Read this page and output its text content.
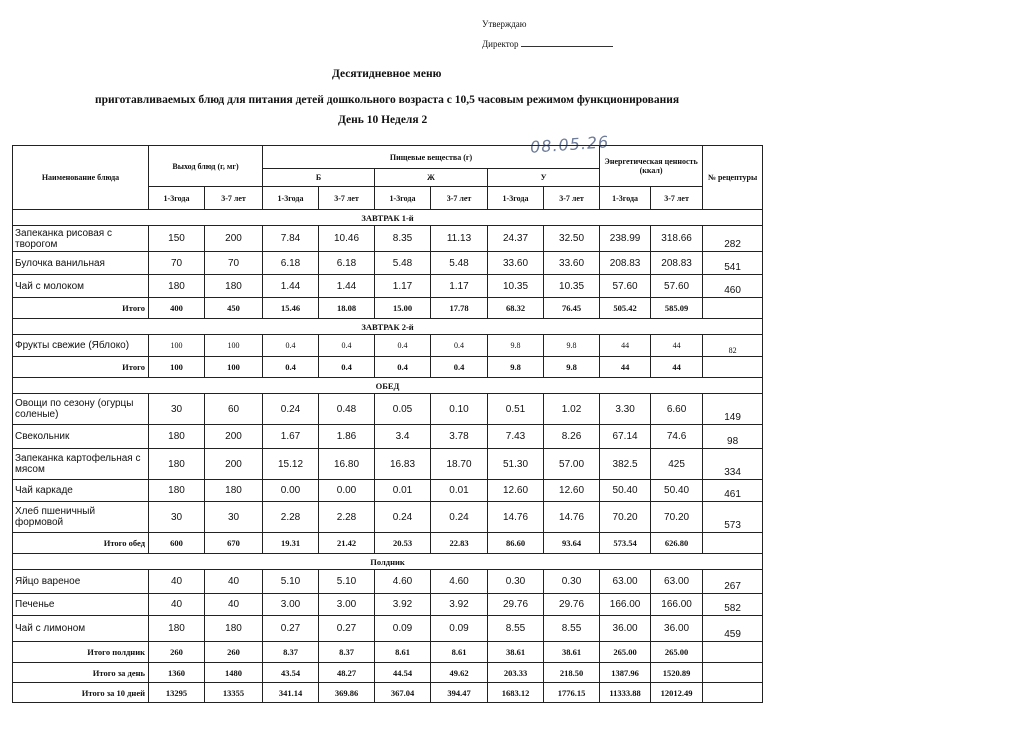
Утверждаю
Директор
Десятидневное меню
приготавливаемых блюд для питания детей дошкольного возраста с 10,5 часовым режимом функционирования
День 10 Неделя 2
08.05.26
Наименование блюда	Выход блюд (г, мг)		Пищевые вещества (г)						Энергетическая ценность (ккал)		№ рецептуры
			Б		Ж		У				
	1-3года	3-7 лет	1-3года	3-7 лет	1-3года	3-7 лет	1-3года	3-7 лет	1-3года	3-7 лет	
ЗАВТРАК 1-й											
Запеканка рисовая с творогом	150	200	7.84	10.46	8.35	11.13	24.37	32.50	238.99	318.66	282
Булочка ванильная	70	70	6.18	6.18	5.48	5.48	33.60	33.60	208.83	208.83	541
Чай с молоком	180	180	1.44	1.44	1.17	1.17	10.35	10.35	57.60	57.60	460
Итого	400	450	15.46	18.08	15.00	17.78	68.32	76.45	505.42	585.09	
ЗАВТРАК 2-й											
Фрукты свежие (Яблоко)	100	100	0.4	0.4	0.4	0.4	9.8	9.8	44	44	82
Итого	100	100	0.4	0.4	0.4	0.4	9.8	9.8	44	44	
ОБЕД											
Овощи по сезону (огурцы соленые)	30	60	0.24	0.48	0.05	0.10	0.51	1.02	3.30	6.60	149
Свекольник	180	200	1.67	1.86	3.4	3.78	7.43	8.26	67.14	74.6	98
Запеканка картофельная с мясом	180	200	15.12	16.80	16.83	18.70	51.30	57.00	382.5	425	334
Чай каркаде	180	180	0.00	0.00	0.01	0.01	12.60	12.60	50.40	50.40	461
Хлеб пшеничный формовой	30	30	2.28	2.28	0.24	0.24	14.76	14.76	70.20	70.20	573
Итого обед	600	670	19.31	21.42	20.53	22.83	86.60	93.64	573.54	626.80	
Полдник											
Яйцо вареное	40	40	5.10	5.10	4.60	4.60	0.30	0.30	63.00	63.00	267
Печенье	40	40	3.00	3.00	3.92	3.92	29.76	29.76	166.00	166.00	582
Чай с лимоном	180	180	0.27	0.27	0.09	0.09	8.55	8.55	36.00	36.00	459
Итого полдник	260	260	8.37	8.37	8.61	8.61	38.61	38.61	265.00	265.00	
Итого за день	1360	1480	43.54	48.27	44.54	49.62	203.33	218.50	1387.96	1520.89	
Итого за 10 дней	13295	13355	341.14	369.86	367.04	394.47	1683.12	1776.15	11333.88	12012.49	
